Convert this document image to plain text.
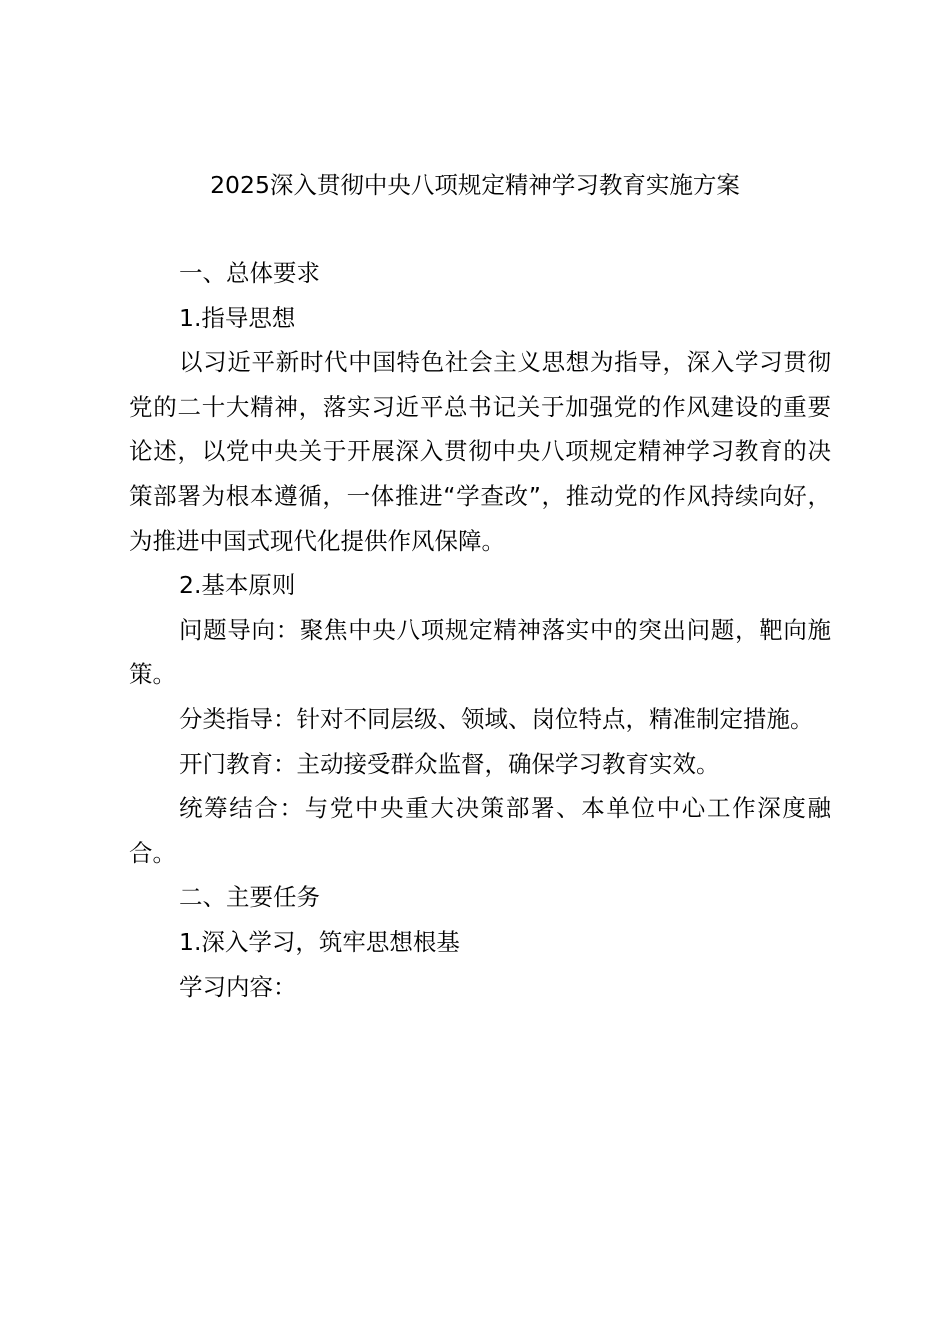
2025深入贯彻中央八项规定精神学习教育实施方案

一、总体要求

1.指导思想

以习近平新时代中国特色社会主义思想为指导，深入学习贯彻党的二十大精神，落实习近平总书记关于加强党的作风建设的重要论述，以党中央关于开展深入贯彻中央八项规定精神学习教育的决策部署为根本遵循，一体推进“学查改”，推动党的作风持续向好，为推进中国式现代化提供作风保障。

2.基本原则

问题导向：聚焦中央八项规定精神落实中的突出问题，靶向施策。

分类指导：针对不同层级、领域、岗位特点，精准制定措施。

开门教育：主动接受群众监督，确保学习教育实效。

统筹结合：与党中央重大决策部署、本单位中心工作深度融合。

二、主要任务

1.深入学习，筑牢思想根基

学习内容：
